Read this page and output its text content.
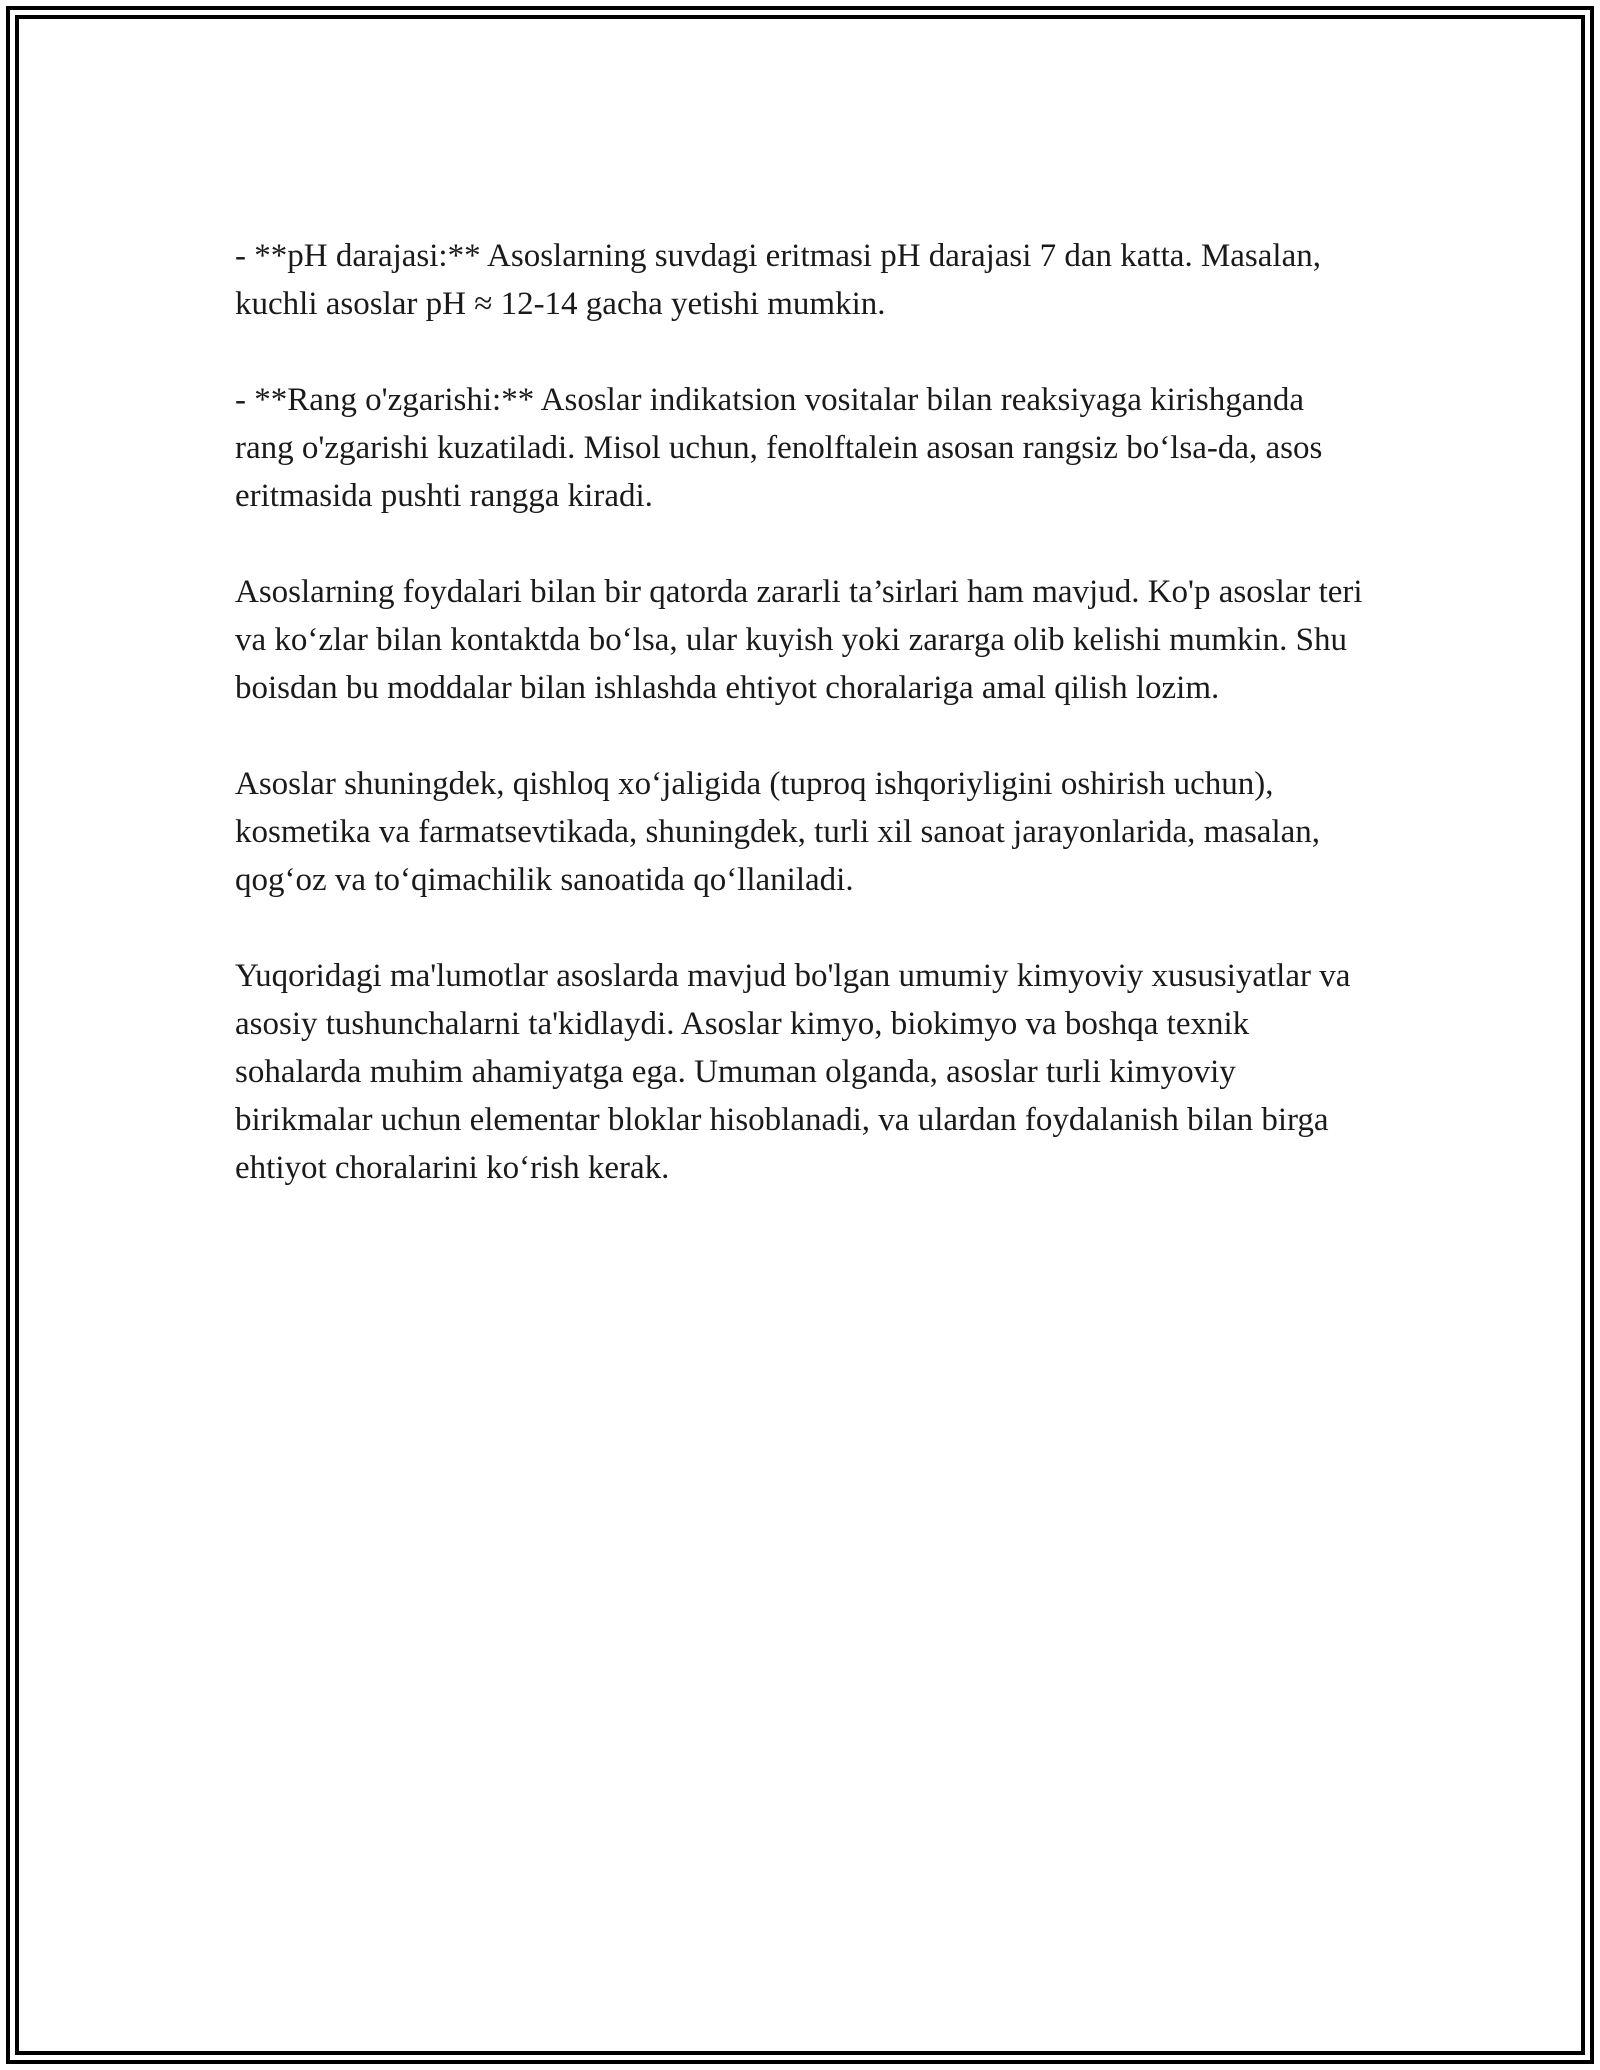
- **pH darajasi:** Asoslarning suvdagi eritmasi pH darajasi 7 dan katta. Masalan, kuchli asoslar pH ≈ 12-14 gacha yetishi mumkin.

- **Rang o'zgarishi:** Asoslar indikatsion vositalar bilan reaksiyaga kirishganda rang o'zgarishi kuzatiladi. Misol uchun, fenolftalein asosan rangsiz bo‘lsa-da, asos eritmasida pushti rangga kiradi.

Asoslarning foydalari bilan bir qatorda zararli ta’sirlari ham mavjud. Ko'p asoslar teri va ko‘zlar bilan kontaktda bo‘lsa, ular kuyish yoki zararga olib kelishi mumkin. Shu boisdan bu moddalar bilan ishlashda ehtiyot choralariga amal qilish lozim.

Asoslar shuningdek, qishloq xo‘jaligida (tuproq ishqoriyligini oshirish uchun), kosmetika va farmatsevtikada, shuningdek, turli xil sanoat jarayonlarida, masalan, qog‘oz va to‘qimachilik sanoatida qo‘llaniladi.

Yuqoridagi ma'lumotlar asoslarda mavjud bo'lgan umumiy kimyoviy xususiyatlar va asosiy tushunchalarni ta'kidlaydi. Asoslar kimyo, biokimyo va boshqa texnik sohalarda muhim ahamiyatga ega. Umuman olganda, asoslar turli kimyoviy birikmalar uchun elementar bloklar hisoblanadi, va ulardan foydalanish bilan birga ehtiyot choralarini ko‘rish kerak.
